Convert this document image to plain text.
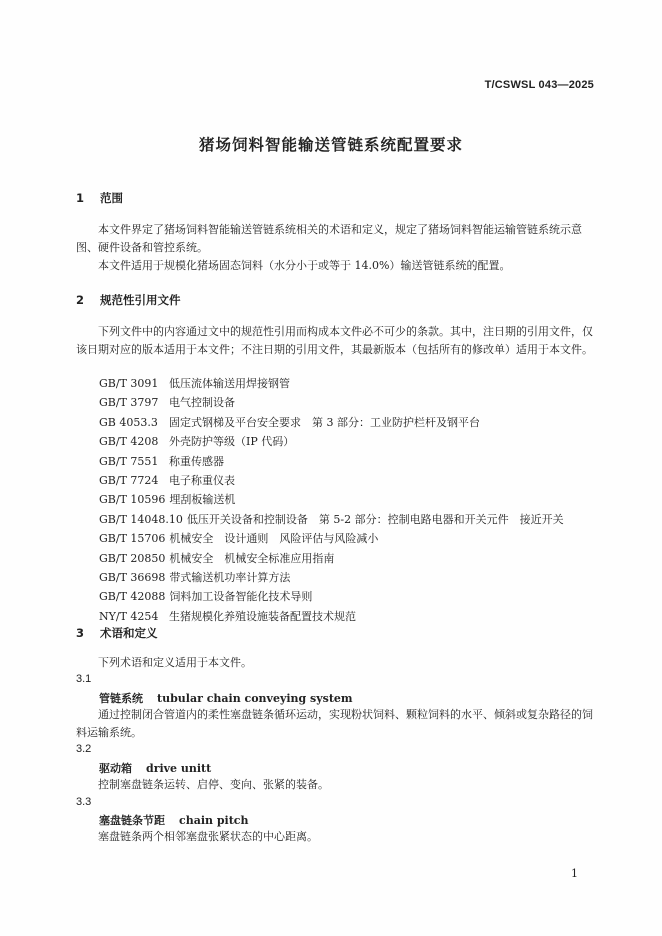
T/CSWSL 043—2025
猪场饲料智能输送管链系统配置要求
1 范围
本文件界定了猪场饲料智能输送管链系统相关的术语和定义，规定了猪场饲料智能运输管链系统示意图、硬件设备和管控系统。
本文件适用于规模化猪场固态饲料（水分小于或等于 14.0%）输送管链系统的配置。
2 规范性引用文件
下列文件中的内容通过文中的规范性引用而构成本文件必不可少的条款。其中，注日期的引用文件，仅该日期对应的版本适用于本文件；不注日期的引用文件，其最新版本（包括所有的修改单）适用于本文件。
GB/T 3091 低压流体输送用焊接钢管
GB/T 3797 电气控制设备
GB 4053.3 固定式钢梯及平台安全要求　第 3 部分：工业防护栏杆及钢平台
GB/T 4208 外壳防护等级（IP 代码）
GB/T 7551 称重传感器
GB/T 7724 电子称重仪表
GB/T 10596 埋刮板输送机
GB/T 14048.10 低压开关设备和控制设备　第 5-2 部分：控制电路电器和开关元件　接近开关
GB/T 15706 机械安全　设计通则　风险评估与风险减小
GB/T 20850 机械安全　机械安全标准应用指南
GB/T 36698 带式输送机功率计算方法
GB/T 42088 饲料加工设备智能化技术导则
NY/T 4254 生猪规模化养殖设施装备配置技术规范
3 术语和定义
下列术语和定义适用于本文件。
3.1
管链系统 tubular chain conveying system
通过控制闭合管道内的柔性塞盘链条循环运动，实现粉状饲料、颗粒饲料的水平、倾斜或复杂路径的饲料运输系统。
3.2
驱动箱 drive unitt
控制塞盘链条运转、启停、变向、张紧的装备。
3.3
塞盘链条节距 chain pitch
塞盘链条两个相邻塞盘张紧状态的中心距离。
1
